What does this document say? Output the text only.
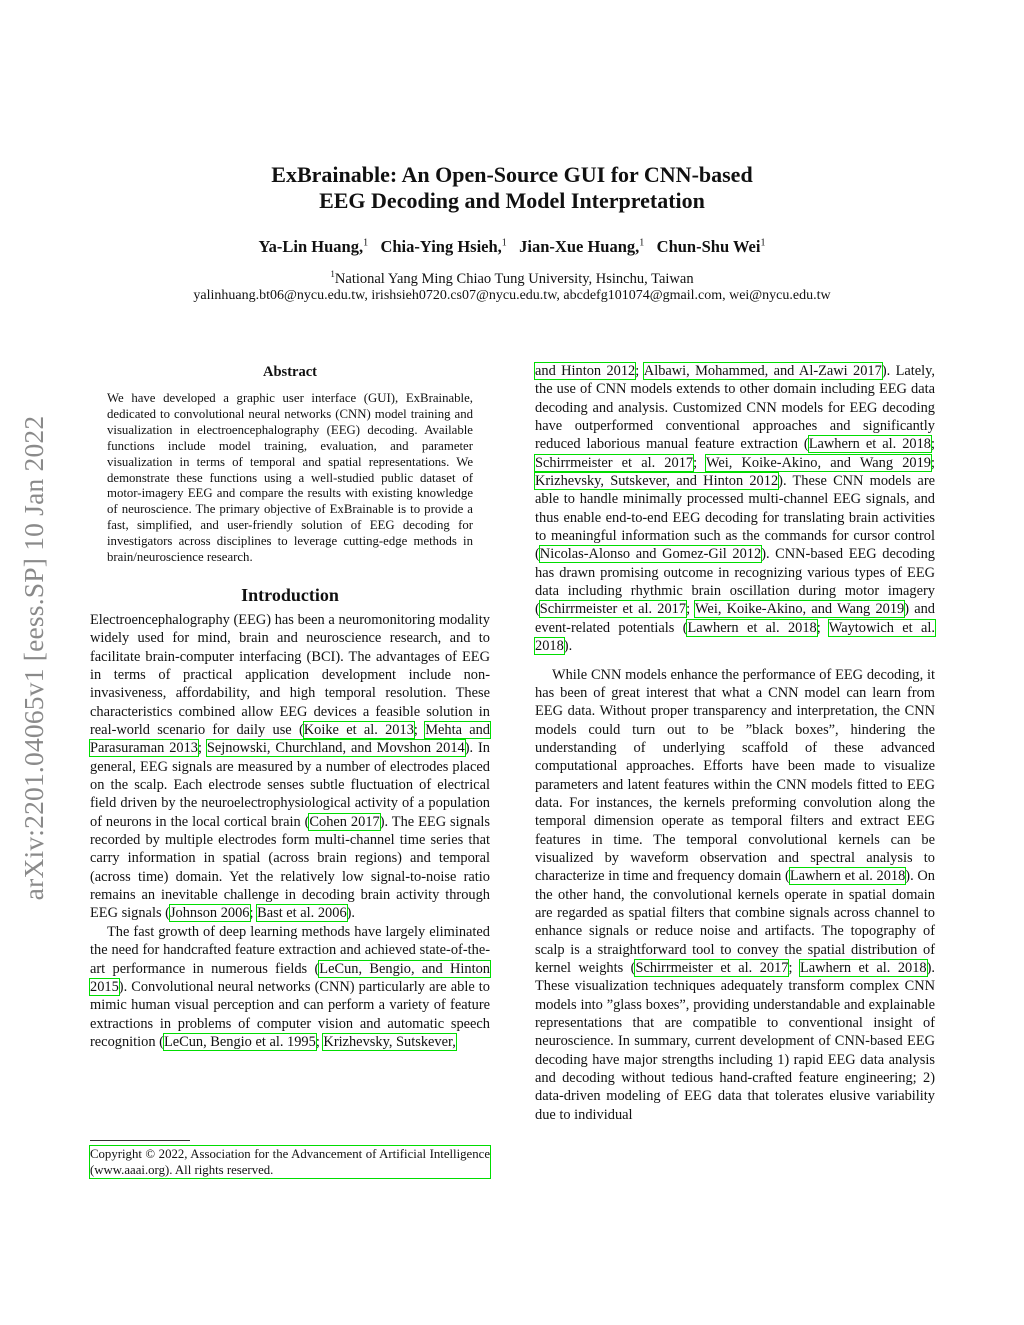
arXiv:2201.04065v1 [eess.SP] 10 Jan 2022
ExBrainable: An Open-Source GUI for CNN-based
EEG Decoding and Model Interpretation
Ya-Lin Huang,$^1$ Chia-Ying Hsieh,$^1$ Jian-Xue Huang,$^1$ Chun-Shu Wei$^1$
$^1$National Yang Ming Chiao Tung University, Hsinchu, Taiwan
yalinhuang.bt06@nycu.edu.tw, irishsieh0720.cs07@nycu.edu.tw, abcdefg101074@gmail.com, wei@nycu.edu.tw
Abstract
We have developed a graphic user interface (GUI), ExBrainable, dedicated to convolutional neural networks (CNN) model training and visualization in electroencephalography (EEG) decoding. Available functions include model training, evaluation, and parameter visualization in terms of temporal and spatial representations. We demonstrate these functions using a well-studied public dataset of motor-imagery EEG and compare the results with existing knowledge of neuroscience. The primary objective of ExBrainable is to provide a fast, simplified, and user-friendly solution of EEG decoding for investigators across disciplines to leverage cutting-edge methods in brain/neuroscience research.
Introduction

Electroencephalography (EEG) has been a neuromonitoring modality widely used for mind, brain and neuroscience research, and to facilitate brain-computer interfacing (BCI). The advantages of EEG in terms of practical application development include non-invasiveness, affordability, and high temporal resolution. These characteristics combined allow EEG devices a feasible solution in real-world scenario for daily use (Koike et al. 2013; Mehta and Parasuraman 2013; Sejnowski, Churchland, and Movshon 2014). In general, EEG signals are measured by a number of electrodes placed on the scalp. Each electrode senses subtle fluctuation of electrical field driven by the neuroelectrophysiological activity of a population of neurons in the local cortical brain (Cohen 2017). The EEG signals recorded by multiple electrodes form multi-channel time series that carry information in spatial (across brain regions) and temporal (across time) domain. Yet the relatively low signal-to-noise ratio remains an inevitable challenge in decoding brain activity through EEG signals (Johnson 2006; Bast et al. 2006).

The fast growth of deep learning methods have largely eliminated the need for handcrafted feature extraction and achieved state-of-the-art performance in numerous fields (LeCun, Bengio, and Hinton 2015). Convolutional neural networks (CNN) particularly are able to mimic human visual perception and can perform a variety of feature extractions in problems of computer vision and automatic speech recognition (LeCun, Bengio et al. 1995; Krizhevsky, Sutskever,

Copyright © 2022, Association for the Advancement of Artificial Intelligence (www.aaai.org). All rights reserved.

and Hinton 2012; Albawi, Mohammed, and Al-Zawi 2017). Lately, the use of CNN models extends to other domain including EEG data decoding and analysis. Customized CNN models for EEG decoding have outperformed conventional approaches and significantly reduced laborious manual feature extraction (Lawhern et al. 2018; Schirrmeister et al. 2017; Wei, Koike-Akino, and Wang 2019; Krizhevsky, Sutskever, and Hinton 2012). These CNN models are able to handle minimally processed multi-channel EEG signals, and thus enable end-to-end EEG decoding for translating brain activities to meaningful information such as the commands for cursor control (Nicolas-Alonso and Gomez-Gil 2012). CNN-based EEG decoding has drawn promising outcome in recognizing various types of EEG data including rhythmic brain oscillation during motor imagery (Schirrmeister et al. 2017; Wei, Koike-Akino, and Wang 2019) and event-related potentials (Lawhern et al. 2018; Waytowich et al. 2018).

While CNN models enhance the performance of EEG decoding, it has been of great interest that what a CNN model can learn from EEG data. Without proper transparency and interpretation, the CNN models could turn out to be ”black boxes”, hindering the understanding of underlying scaffold of these advanced computational approaches. Efforts have been made to visualize parameters and latent features within the CNN models fitted to EEG data. For instances, the kernels preforming convolution along the temporal dimension operate as temporal filters and extract EEG features in time. The temporal convolutional kernels can be visualized by waveform observation and spectral analysis to characterize in time and frequency domain (Lawhern et al. 2018). On the other hand, the convolutional kernels operate in spatial domain are regarded as spatial filters that combine signals across channel to enhance signals or reduce noise and artifacts. The topography of scalp is a straightforward tool to convey the spatial distribution of kernel weights (Schirrmeister et al. 2017; Lawhern et al. 2018). These visualization techniques adequately transform complex CNN models into ”glass boxes”, providing understandable and explainable representations that are compatible to conventional insight of neuroscience. In summary, current development of CNN-based EEG decoding have major strengths including 1) rapid EEG data analysis and decoding without tedious hand-crafted feature engineering; 2) data-driven modeling of EEG data that tolerates elusive variability due to individual
